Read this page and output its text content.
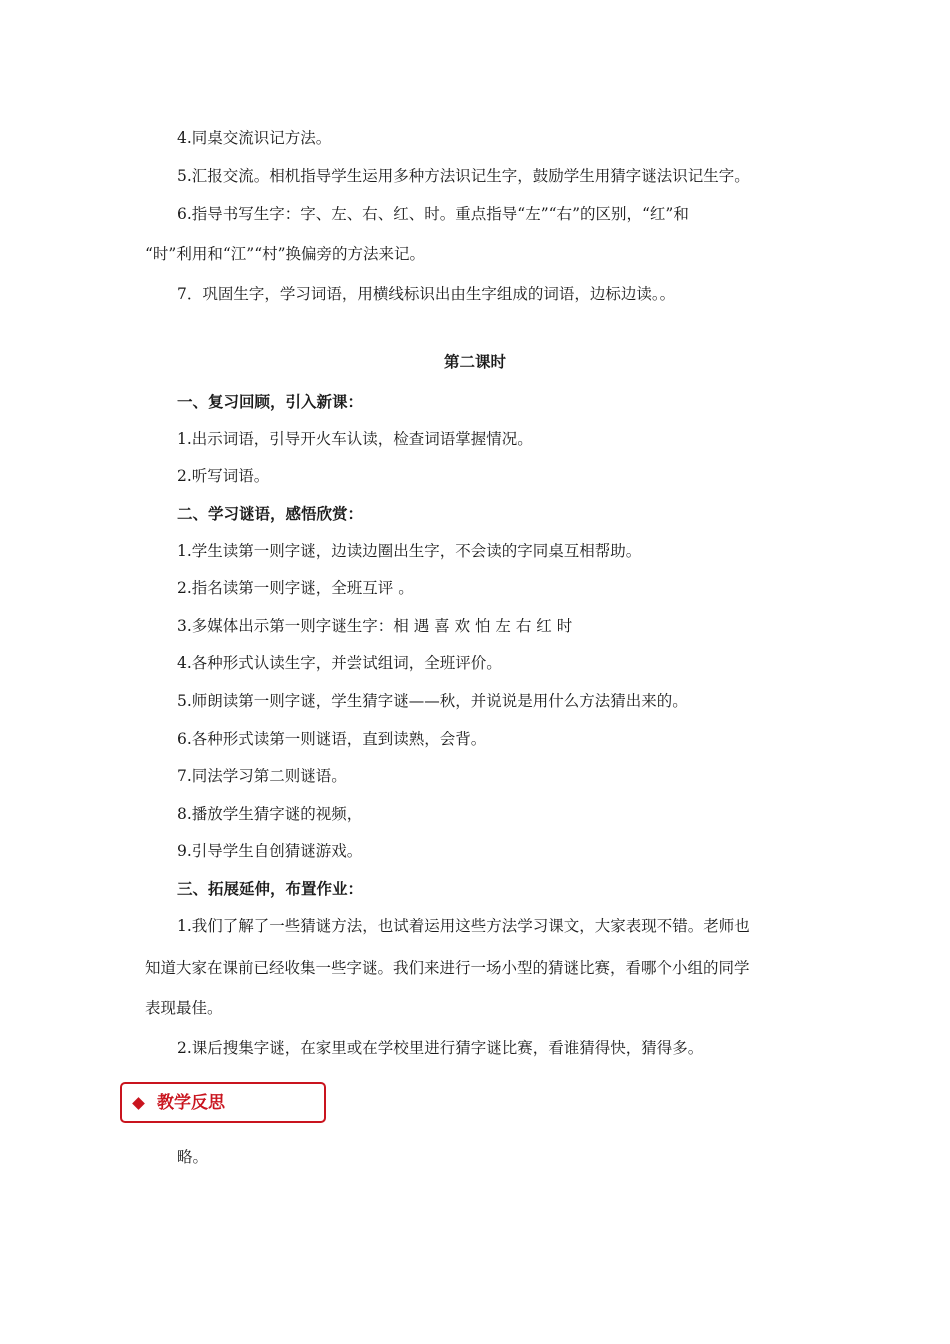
4.同桌交流识记方法。
5.汇报交流。相机指导学生运用多种方法识记生字，鼓励学生用猜字谜法识记生字。
6.指导书写生字：字、左、右、红、时。重点指导“左”“右”的区别，“红”和
“时”利用和“江”“村”换偏旁的方法来记。
7．巩固生字，学习词语，用横线标识出由生字组成的词语，边标边读。。
第二课时
一、复习回顾，引入新课：
1.出示词语，引导开火车认读，检查词语掌握情况。
2.听写词语。
二、学习谜语，感悟欣赏：
1.学生读第一则字谜，边读边圈出生字，不会读的字同桌互相帮助。
2.指名读第一则字谜，全班互评 。
3.多媒体出示第一则字谜生字：相 遇 喜 欢 怕 左 右 红 时
4.各种形式认读生字，并尝试组词，全班评价。
5.师朗读第一则字谜，学生猜字谜——秋，并说说是用什么方法猜出来的。
6.各种形式读第一则谜语，直到读熟，会背。
7.同法学习第二则谜语。
8.播放学生猜字谜的视频，
9.引导学生自创猜谜游戏。
三、拓展延伸，布置作业：
1.我们了解了一些猜谜方法，也试着运用这些方法学习课文，大家表现不错。老师也
知道大家在课前已经收集一些字谜。我们来进行一场小型的猜谜比赛，看哪个小组的同学
表现最佳。
2.课后搜集字谜，在家里或在学校里进行猜字谜比赛，看谁猜得快，猜得多。
教学反思
略。
